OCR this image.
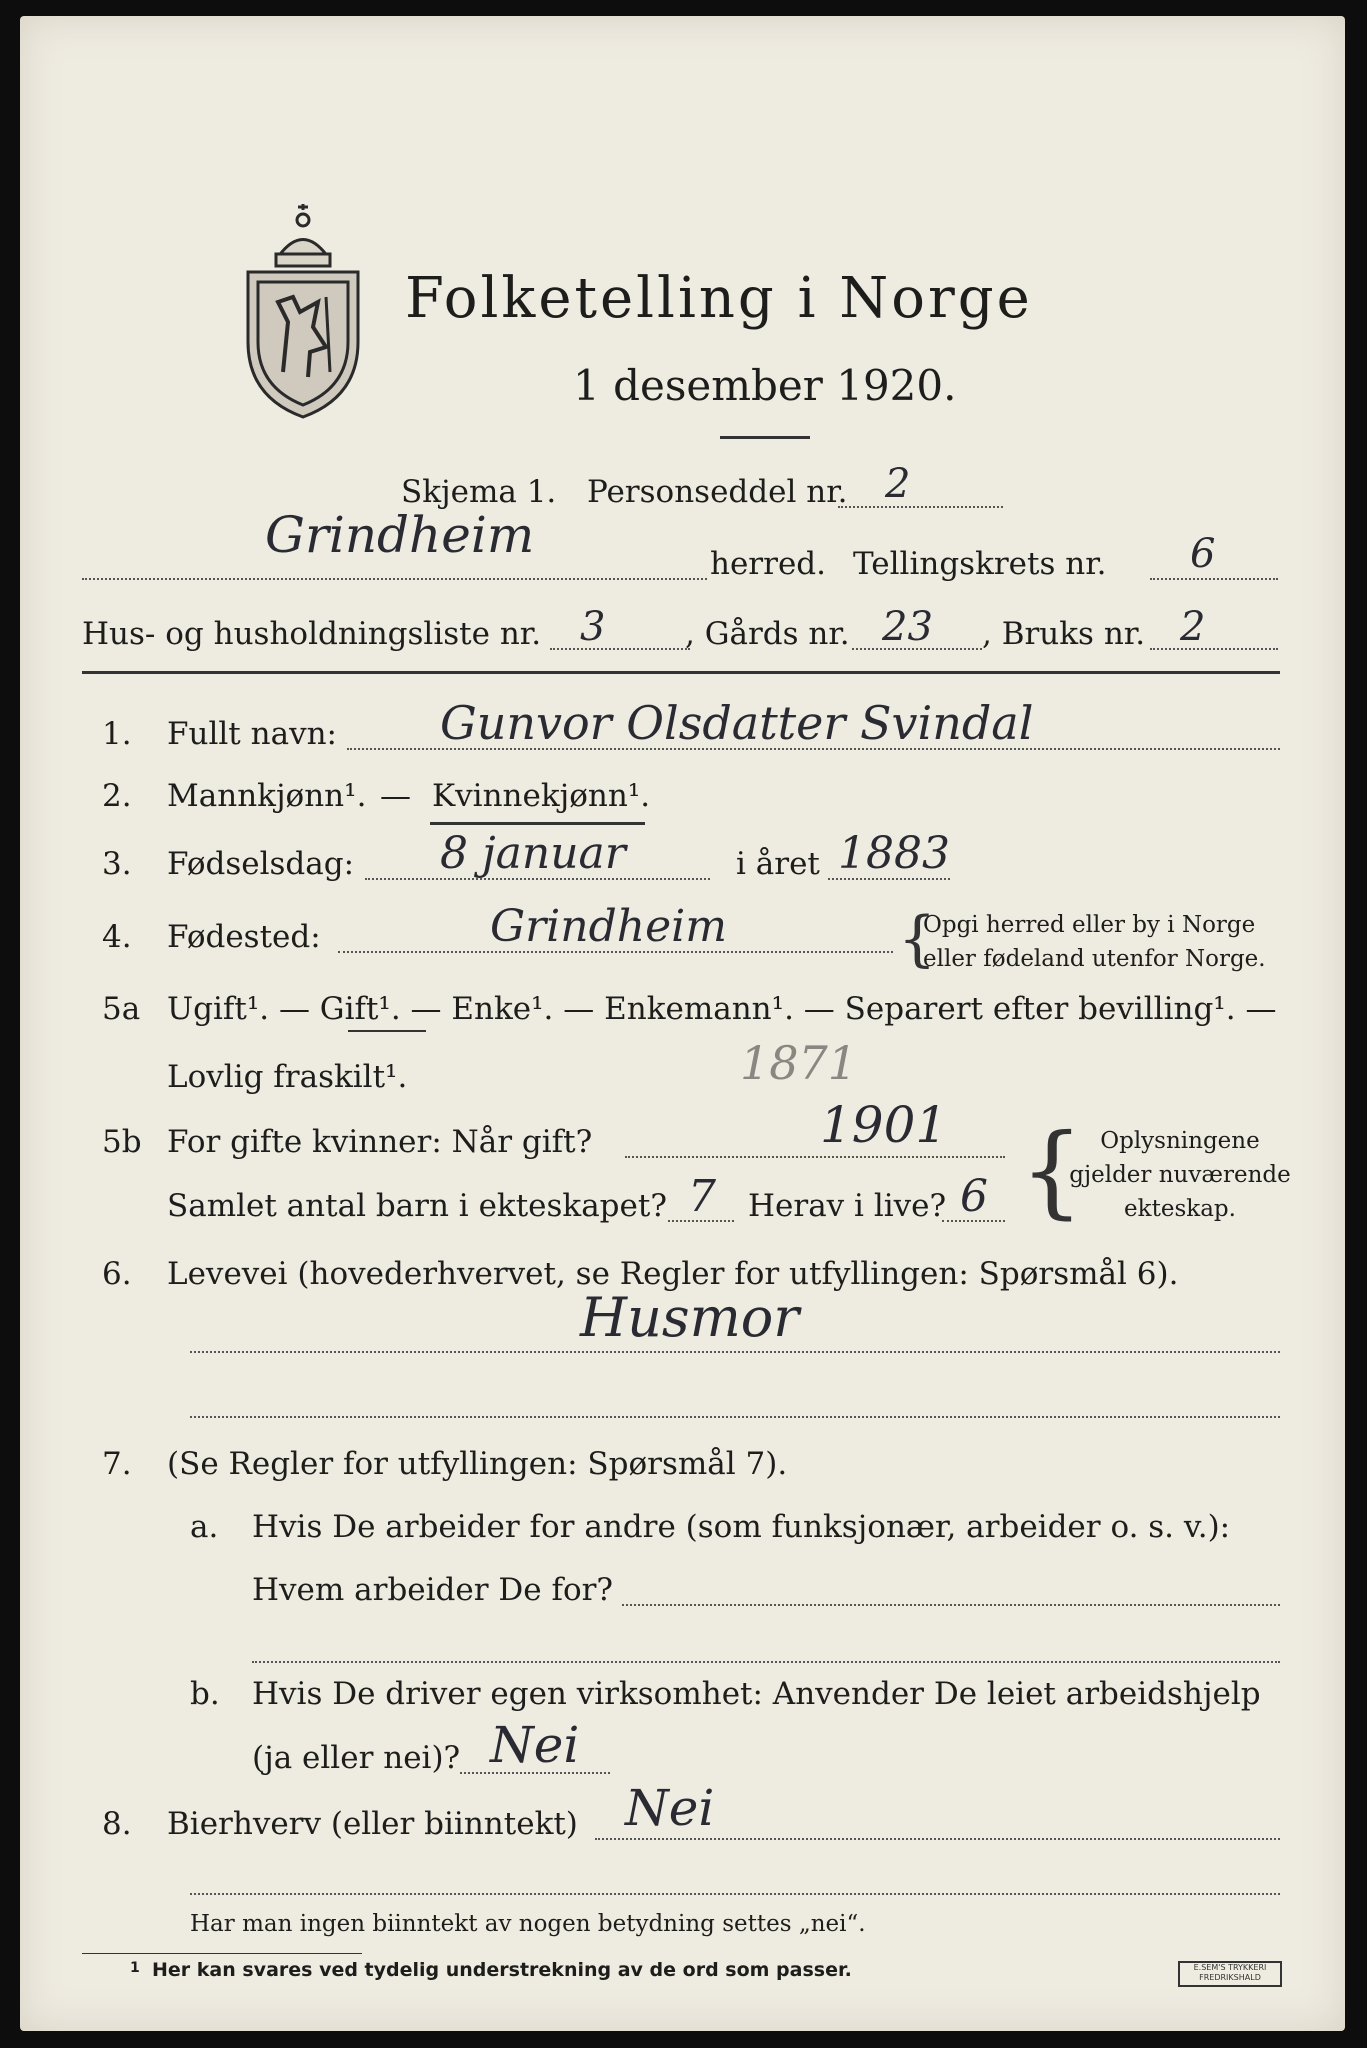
Folketelling i Norge
1 desember 1920.
Skjema 1. Personseddel nr. 2
Grindheim	herred. Tellingskrets nr. 6
Hus- og husholdningsliste nr. 3	, Gårds nr. 23 , Bruks nr. 2
1. Fullt navn: Gunvor Olsdatter Svindal
2. Mannkjønn¹. — Kvinnekjønn¹.
3. Fødselsdag: 8 januar	i året 1883
4. Fødested:	Grindheim	{
Opgi herred eller by i Norge
eller fødeland utenfor Norge.
5a Ugift¹. — Gift¹. — Enke¹. — Enkemann¹. — Separert efter bevilling¹. —
Lovlig fraskilt¹.	1871
5b For gifte kvinner: Når gift?	1901
Samlet antal barn i ekteskapet? 7 Herav i live? 6 { Oplysningene
gjelder nuværende
ekteskap.
6. Levevei (hovederhvervet, se Regler for utfyllingen: Spørsmål 6).
Husmor
7. (Se Regler for utfyllingen: Spørsmål 7).
a. Hvis De arbeider for andre (som funksjonær, arbeider o. s. v.):
Hvem arbeider De for?
b. Hvis De driver egen virksomhet: Anvender De leiet arbeidshjelp
(ja eller nei)? Nei
8. Bierhverv (eller biinntekt) Nei
Har man ingen biinntekt av nogen betydning settes „nei“.
1 Her kan svares ved tydelig understrekning av de ord som passer.	E.SEM'S TRYKKERI
FREDRIKSHALD
